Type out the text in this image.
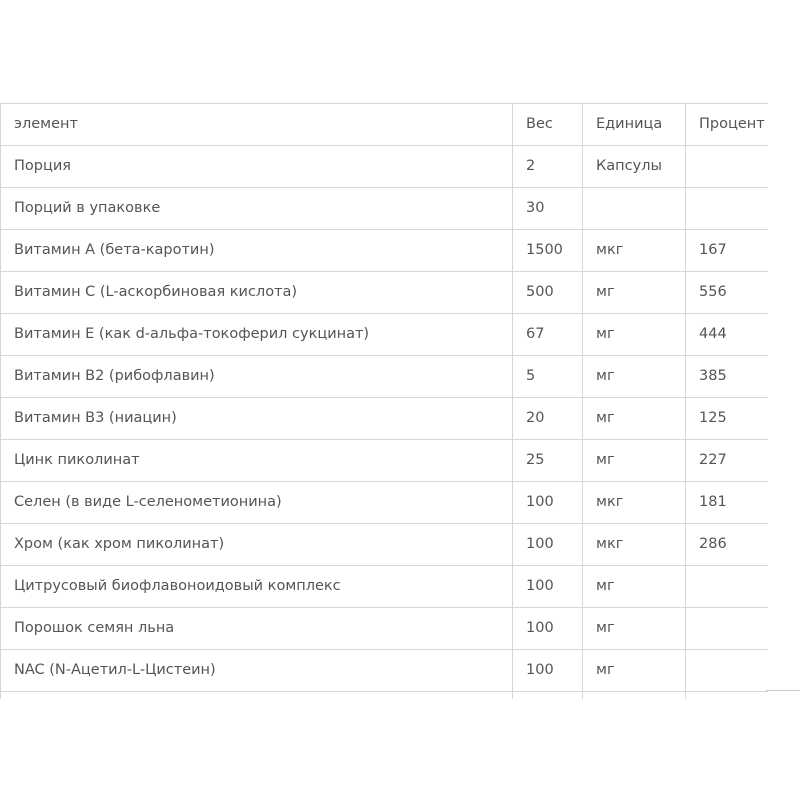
элемент	Вес	Единица	Процент
Порция	2	Капсулы	
Порций в упаковке	30		
Витамин А (бета-каротин)	1500	мкг	167
Витамин С (L-аскорбиновая кислота)	500	мг	556
Витамин Е (как d-альфа-токоферил сукцинат)	67	мг	444
Витамин В2 (рибофлавин)	5	мг	385
Витамин В3 (ниацин)	20	мг	125
Цинк пиколинат	25	мг	227
Селен (в виде L-селенометионина)	100	мкг	181
Хром (как хром пиколинат)	100	мкг	286
Цитрусовый биофлавоноидовый комплекс	100	мг	
Порошок семян льна	100	мг	
NAC (N-Ацетил-L-Цистеин)	100	мг	
